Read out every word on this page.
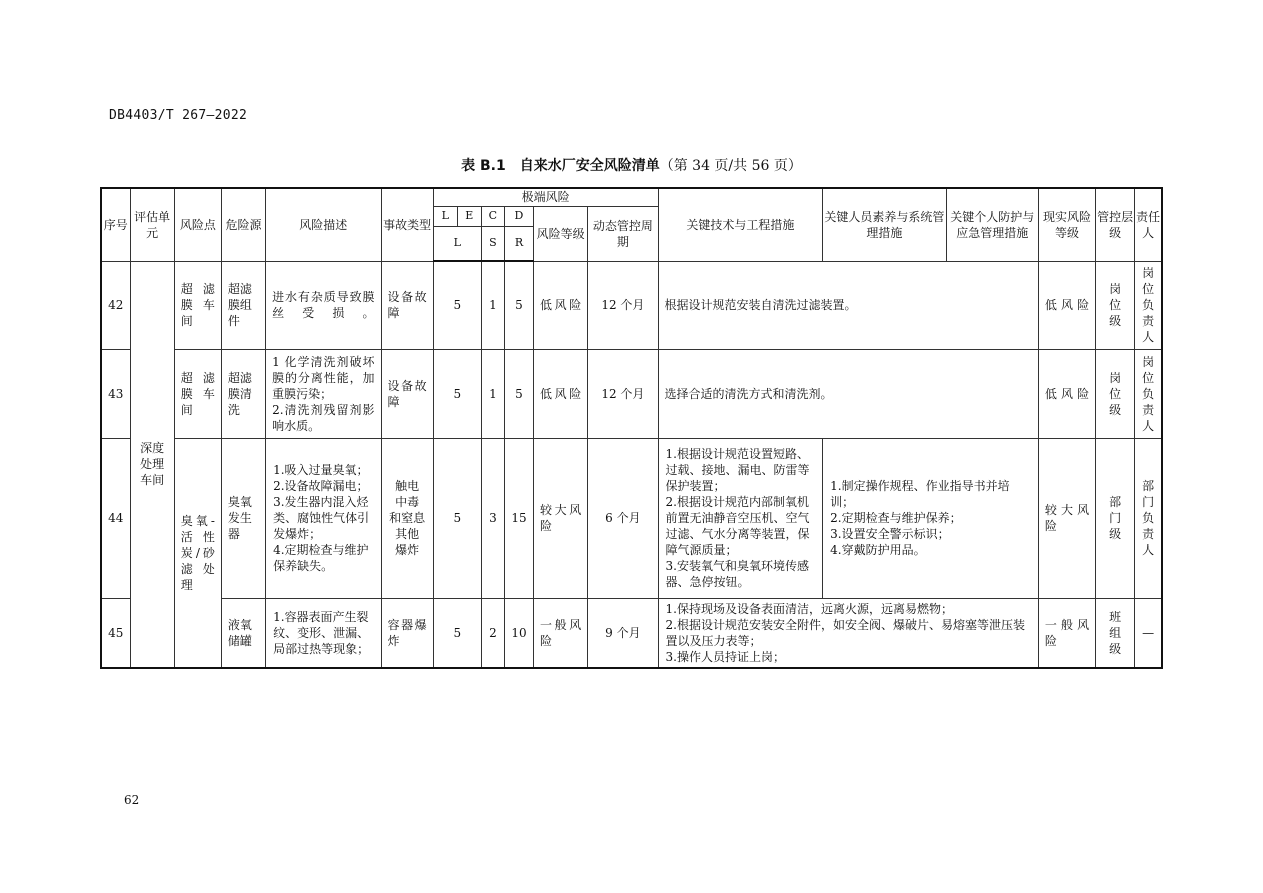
DB4403/T 267—2022
表 B.1　自来水厂安全风险清单（第 34 页/共 56 页）
序号	评估单元	风险点	危险源	风险描述	事故类型	极端风险						关键技术与工程措施	关键人员素养与系统管理措施	关键个人防护与应急管理措施	现实风险等级	管控层级	责任人
						L	E	C	D	风险等级	动态管控周期						
						L		S	R								
42	深度处理车间	超滤膜车间	超滤膜组件	进水有杂质导致膜丝受损。	设备故障	5		1	5	低风险	12 个月	根据设计规范安装自清洗过滤装置。			低风险	岗位级	岗位负责人

43		超滤膜车间	超滤膜清洗	1 化学清洗剂破坏膜的分离性能，加重膜污染；
2.清洗剂残留剂影响水质。	设备故障	5		1	5	低风险	12 个月	选择合适的清洗方式和清洗剂。			低风险	岗位级	岗位负责人

44		臭氧-活性炭/砂滤处理	臭氧发生器	1.吸入过量臭氧；
2.设备故障漏电；
3.发生器内混入烃类、腐蚀性气体引发爆炸；
4.定期检查与维护保养缺失。	触电
中毒
和窒息
其他
爆炸	5		3	15	较大风险	6 个月	1.根据设计规范设置短路、过载、接地、漏电、防雷等保护装置；
2.根据设计规范内部制氧机前置无油静音空压机、空气过滤、气水分离等装置，保障气源质量；
3.安装氧气和臭氧环境传感器、急停按钮。	1.制定操作规程、作业指导书并培训；
2.定期检查与维护保养；
3.设置安全警示标识；
4.穿戴防护用品。		较大风险	部门级	部门负责人

45			液氧储罐	1.容器表面产生裂纹、变形、泄漏、局部过热等现象；	容器爆炸	5		2	10	一般风险	9 个月	1.保持现场及设备表面清洁，远离火源，远离易燃物；
2.根据设计规范安装安全附件，如安全阀、爆破片、易熔塞等泄压装置以及压力表等；
3.操作人员持证上岗；			一般风险	班组级	—
62
